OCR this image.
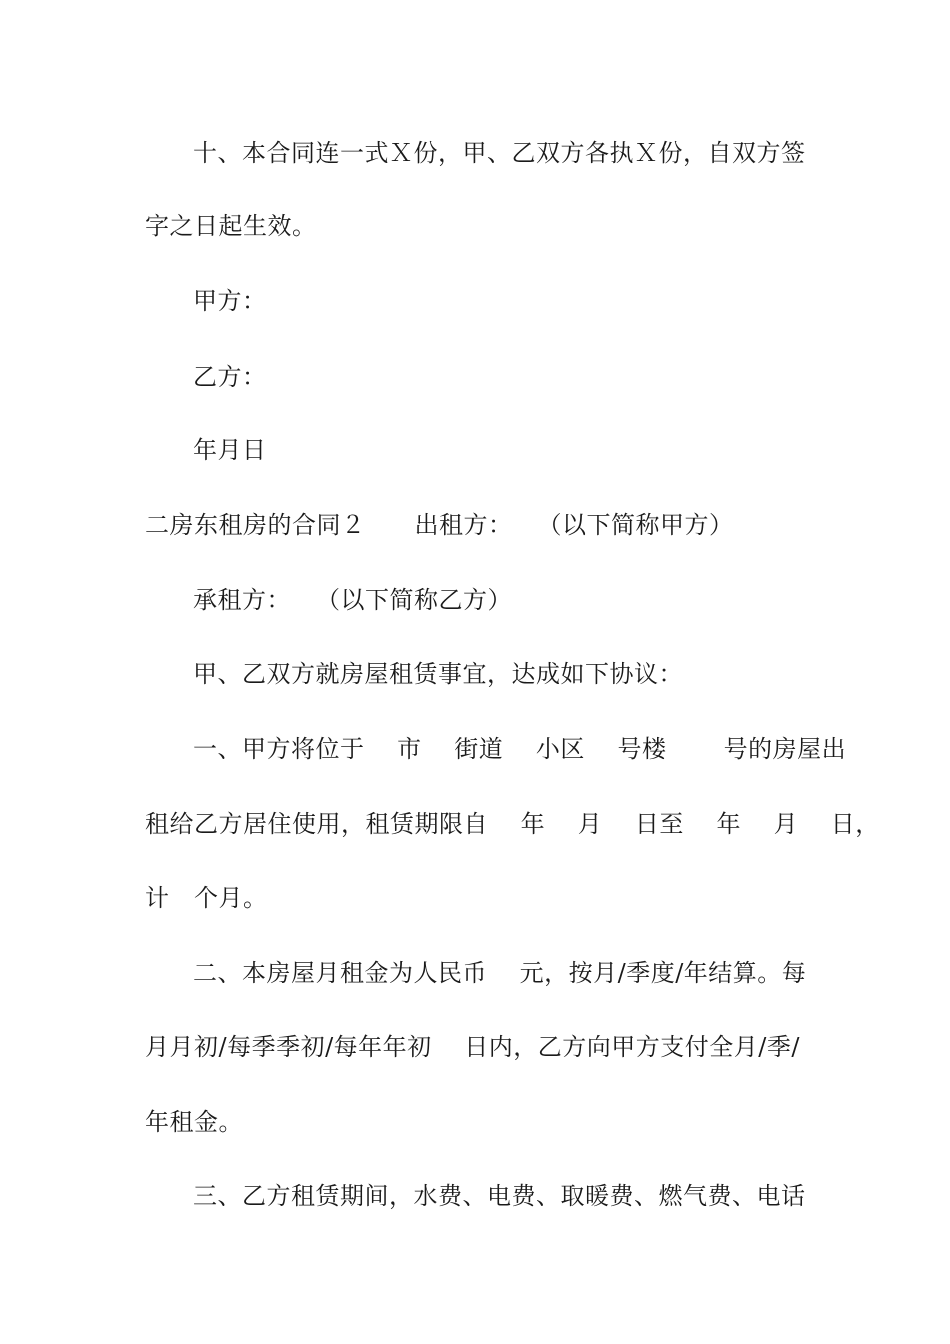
十、本合同连一式Ｘ份，甲、乙双方各执Ｘ份，自双方签
字之日起生效。
甲方：
乙方：
年月日
二房东租房的合同２　　出租方：　　（以下简称甲方）
承租方：　　（以下简称乙方）
甲、乙双方就房屋租赁事宜，达成如下协议：
一、甲方将位于　 市　 街道　 小区　 号楼　　 号的房屋出
租给乙方居住使用，租赁期限自　 年　 月　 日至　 年　 月　 日，
计　个月。
二、本房屋月租金为人民币　 元，按月/季度/年结算。每
月月初/每季季初/每年年初　 日内，乙方向甲方支付全月/季/
年租金。
三、乙方租赁期间，水费、电费、取暖费、燃气费、电话
